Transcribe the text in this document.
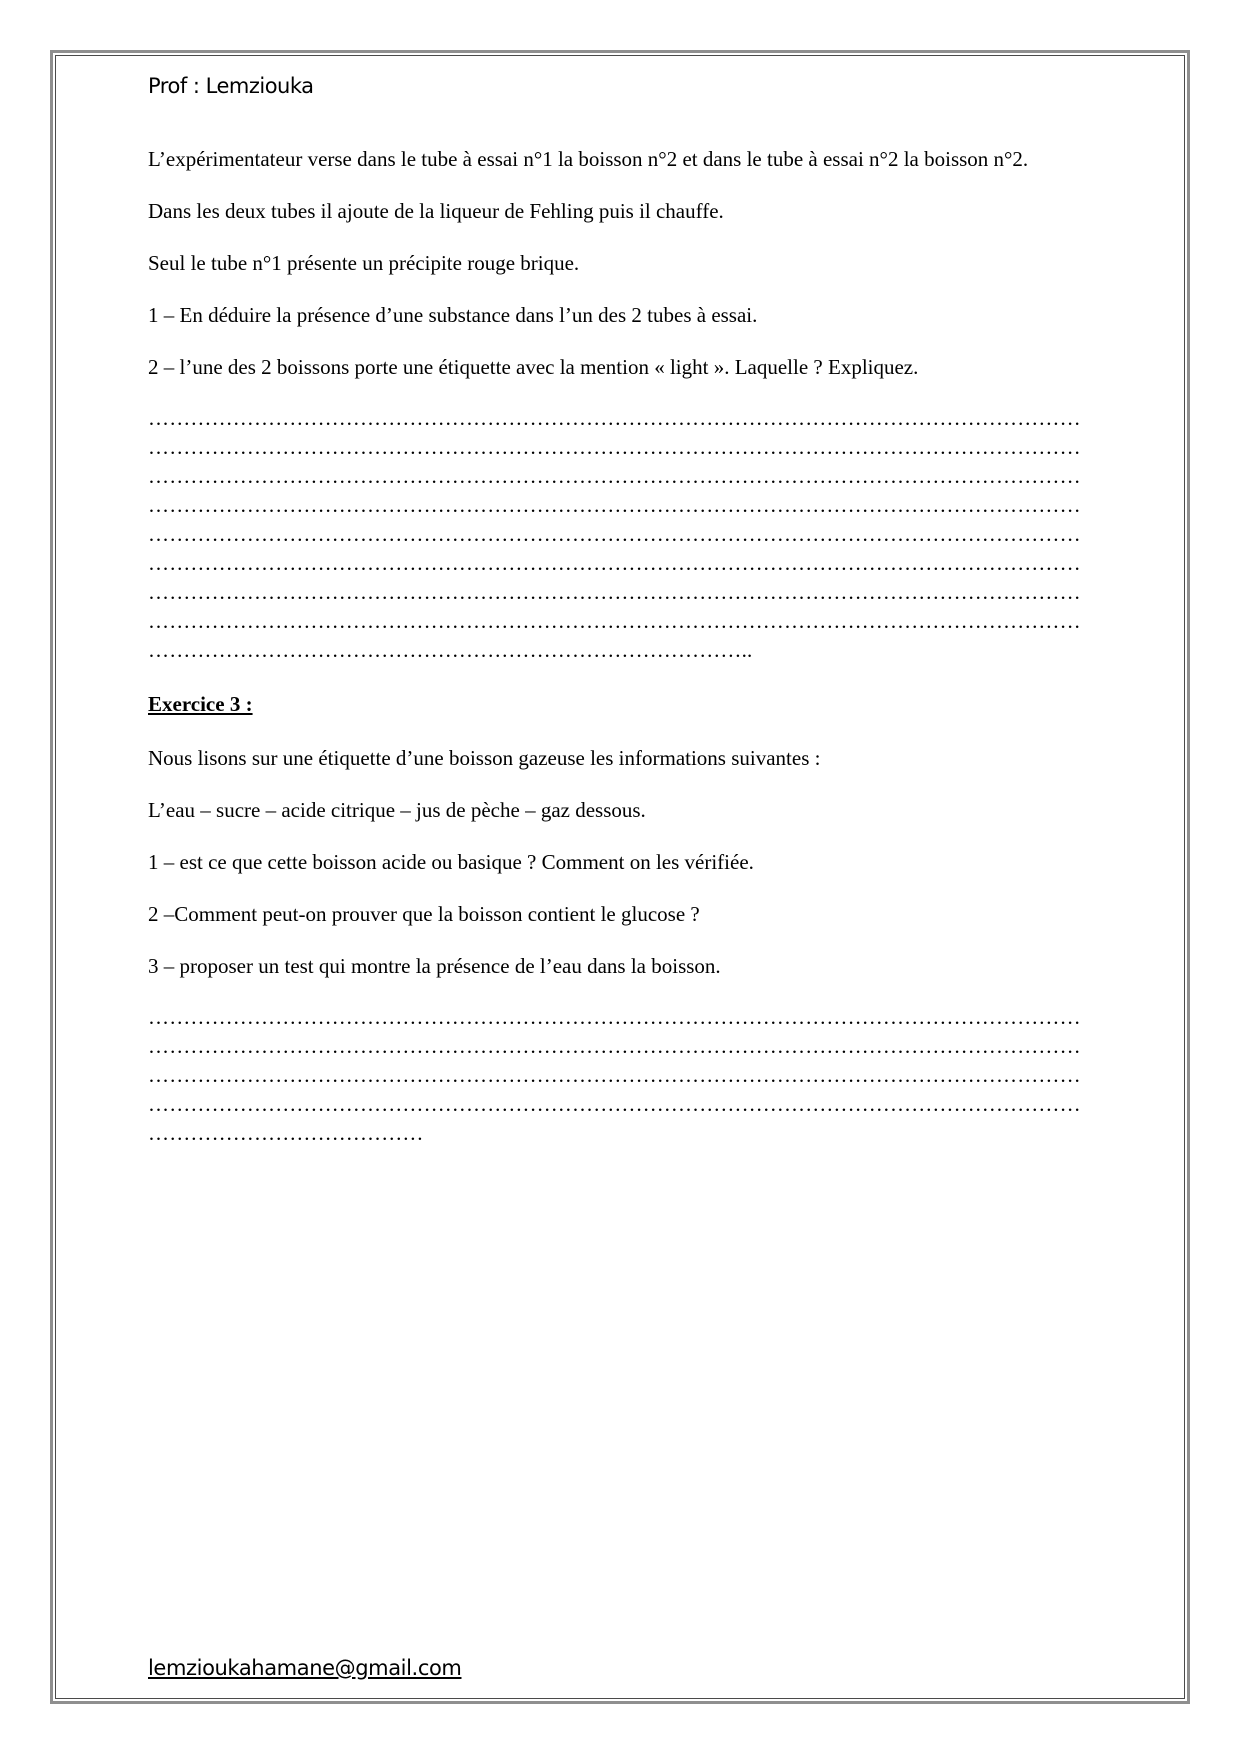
Prof : Lemziouka

L’expérimentateur verse dans le tube à essai n°1 la boisson n°2 et dans le tube à essai n°2 la boisson n°2.

Dans les deux tubes il ajoute de la liqueur de Fehling puis il chauffe.

Seul le tube n°1 présente un précipite rouge brique.

1 – En déduire la présence d’une substance dans l’un des 2 tubes à essai.

2 – l’une des 2 boissons porte une étiquette avec la mention « light ». Laquelle ? Expliquez.

……………………………………………………………………………………………………………………
……………………………………………………………………………………………………………………
……………………………………………………………………………………………………………………
……………………………………………………………………………………………………………………
……………………………………………………………………………………………………………………
……………………………………………………………………………………………………………………
……………………………………………………………………………………………………………………
……………………………………………………………………………………………………………………
…………………………………………………………………………..

Exercice 3 :

Nous lisons sur une étiquette d’une boisson gazeuse les informations suivantes :

L’eau – sucre – acide citrique – jus de pèche – gaz dessous.

1 – est ce que cette boisson acide ou basique ? Comment on les vérifiée.

2 –Comment peut-on prouver que la boisson contient le glucose ?

3 – proposer un test qui montre la présence de l’eau dans la boisson.

……………………………………………………………………………………………………………………
……………………………………………………………………………………………………………………
……………………………………………………………………………………………………………………
……………………………………………………………………………………………………………………
…………………………………
lemzioukahamane@gmail.com
